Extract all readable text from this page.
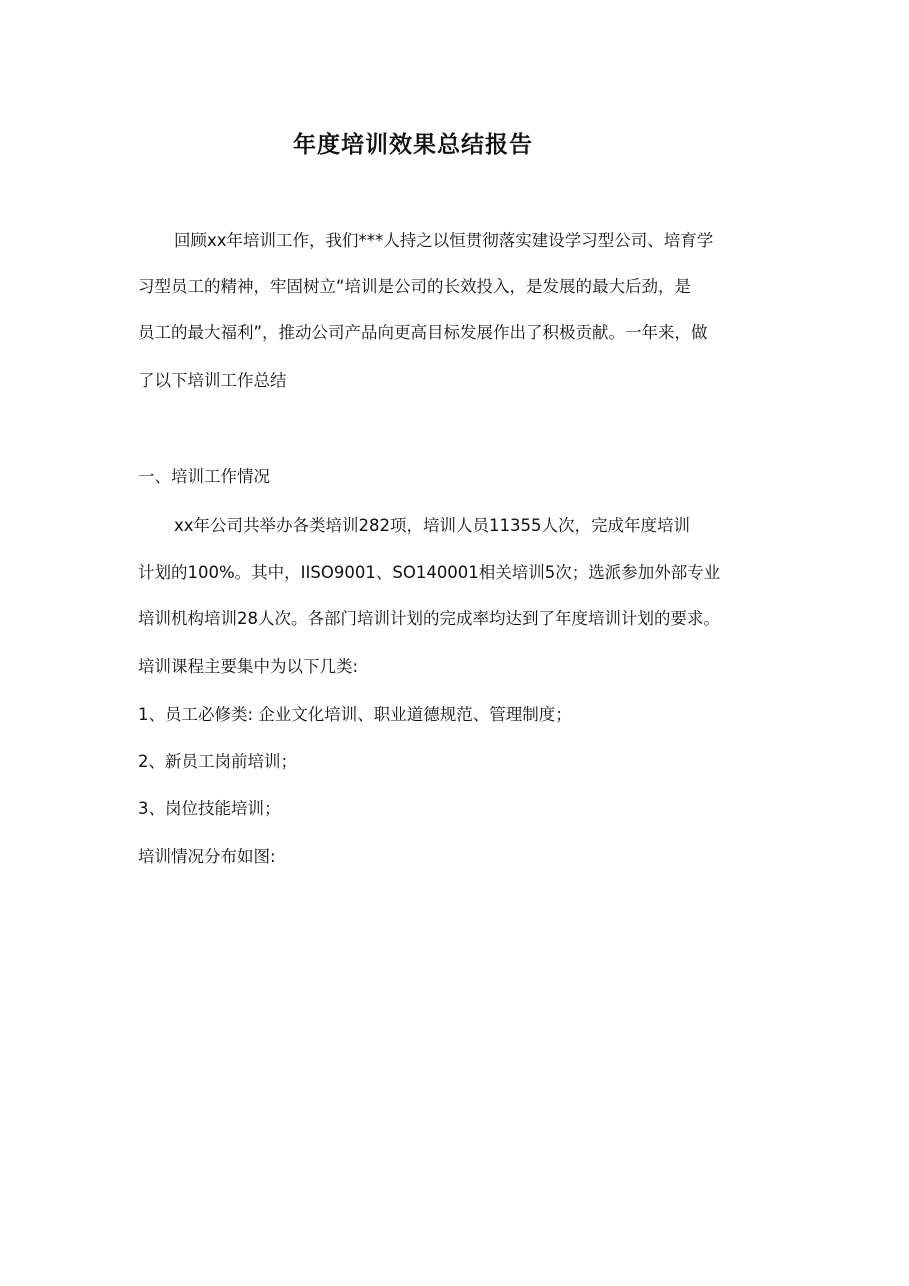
年度培训效果总结报告

回顾xx年培训工作，我们***人持之以恒贯彻落实建设学习型公司、培育学

习型员工的精神，牢固树立“培训是公司的长效投入，是发展的最大后劲，是

员工的最大福利”，推动公司产品向更高目标发展作出了积极贡献。一年来，做

了以下培训工作总结

一、培训工作情况

xx年公司共举办各类培训282项，培训人员11355人次，完成年度培训

计划的100%。其中，IISO9001、SO140001相关培训5次；选派参加外部专业

培训机构培训28人次。各部门培训计划的完成率均达到了年度培训计划的要求。

培训课程主要集中为以下几类:

1、员工必修类: 企业文化培训、职业道德规范、管理制度；

2、新员工岗前培训；

3、岗位技能培训；

培训情况分布如图:
